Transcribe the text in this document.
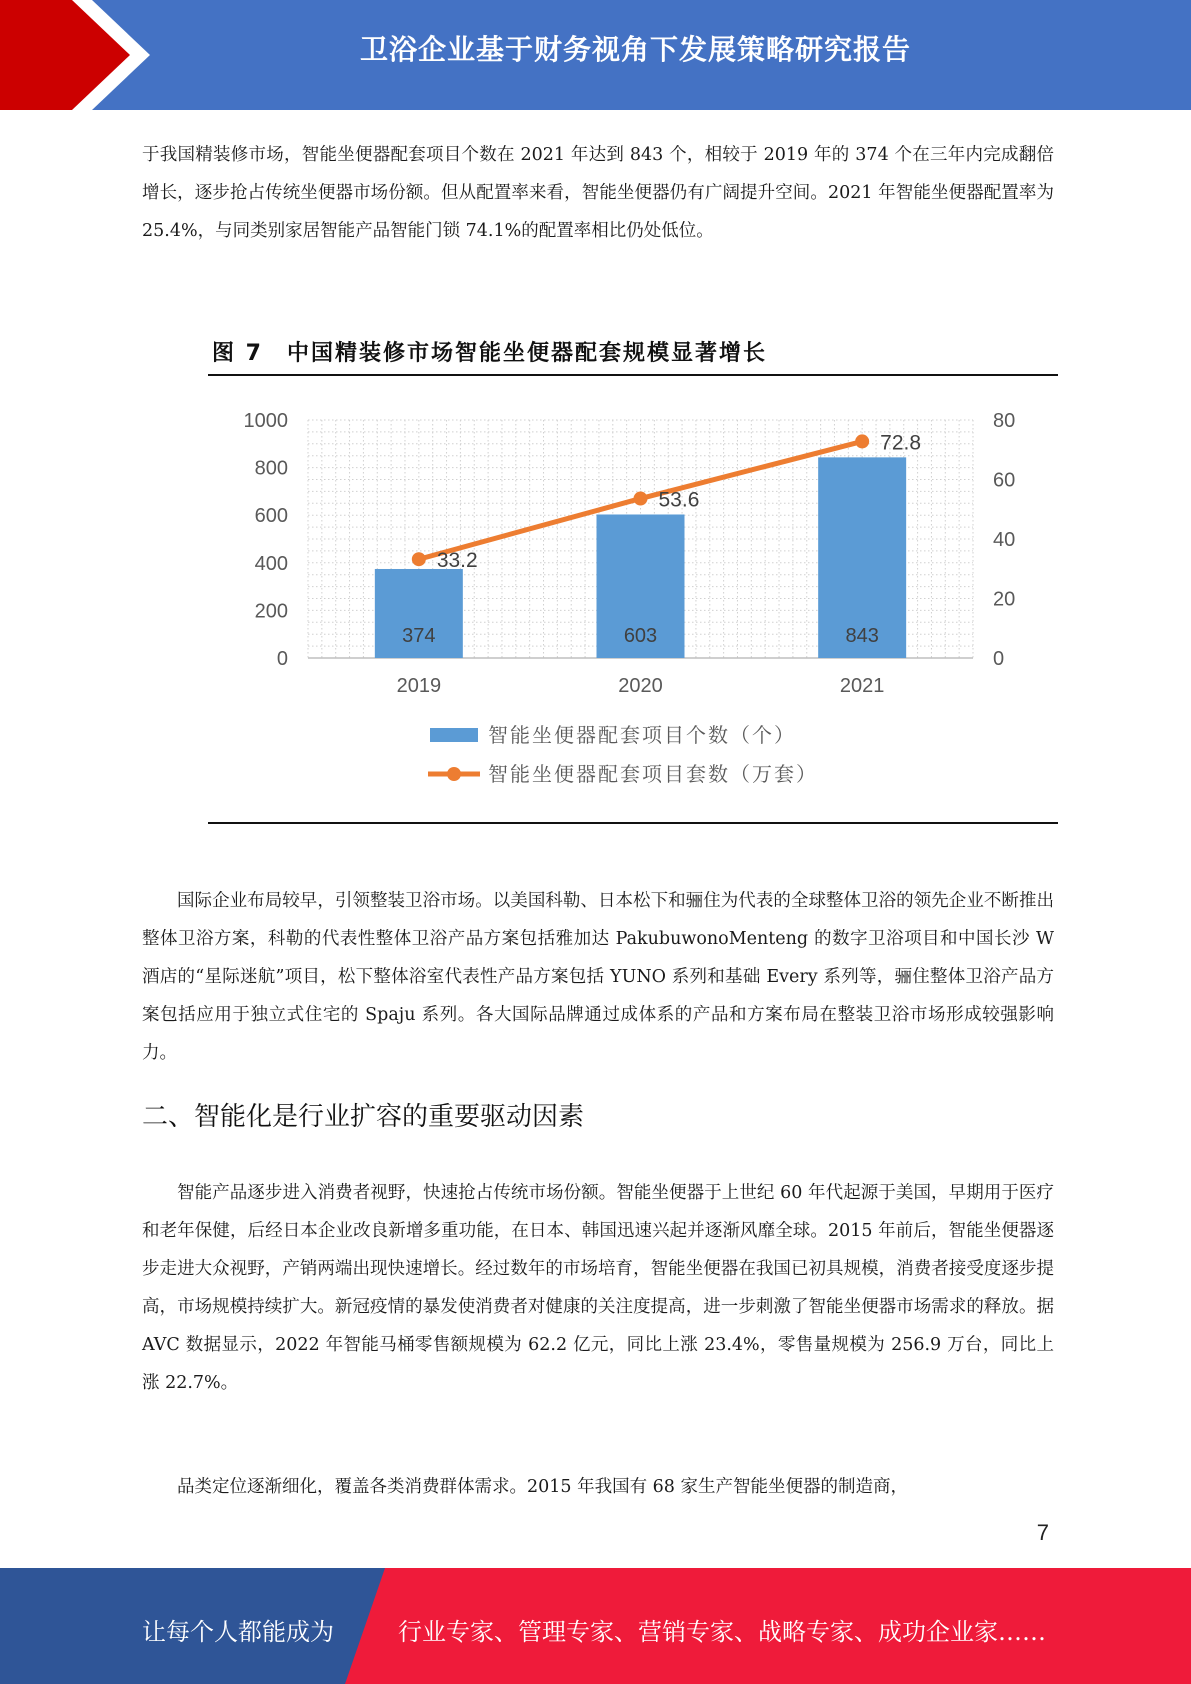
卫浴企业基于财务视角下发展策略研究报告

于我国精装修市场，智能坐便器配套项目个数在 2021 年达到 843 个，相较于 2019 年的 374 个在三年内完成翻倍增长，逐步抢占传统坐便器市场份额。但从配置率来看，智能坐便器仍有广阔提升空间。2021 年智能坐便器配置率为 25.4%，与同类别家居智能产品智能门锁 74.1%的配置率相比仍处低位。

图 7　中国精装修市场智能坐便器配套规模显著增长
0
200
400
600
800
1000
0
20
40
60
80
374
2019
603
2020
843
2021
33.2
53.6
72.8
智能坐便器配套项目个数（个）
智能坐便器配套项目套数（万套）

国际企业布局较早，引领整装卫浴市场。以美国科勒、日本松下和骊住为代表的全球整体卫浴的领先企业不断推出整体卫浴方案，科勒的代表性整体卫浴产品方案包括雅加达 PakubuwonoMenteng 的数字卫浴项目和中国长沙 W 酒店的“星际迷航”项目，松下整体浴室代表性产品方案包括 YUNO 系列和基础 Every 系列等，骊住整体卫浴产品方案包括应用于独立式住宅的 Spaju 系列。各大国际品牌通过成体系的产品和方案布局在整装卫浴市场形成较强影响力。

二、智能化是行业扩容的重要驱动因素

智能产品逐步进入消费者视野，快速抢占传统市场份额。智能坐便器于上世纪 60 年代起源于美国，早期用于医疗和老年保健，后经日本企业改良新增多重功能，在日本、韩国迅速兴起并逐渐风靡全球。2015 年前后，智能坐便器逐步走进大众视野，产销两端出现快速增长。经过数年的市场培育，智能坐便器在我国已初具规模，消费者接受度逐步提高，市场规模持续扩大。新冠疫情的暴发使消费者对健康的关注度提高，进一步刺激了智能坐便器市场需求的释放。据 AVC 数据显示，2022 年智能马桶零售额规模为 62.2 亿元，同比上涨 23.4%，零售量规模为 256.9 万台，同比上涨 22.7%。

品类定位逐渐细化，覆盖各类消费群体需求。2015 年我国有 68 家生产智能坐便器的制造商，

7
让每个人都能成为	行业专家、管理专家、营销专家、战略专家、成功企业家……
